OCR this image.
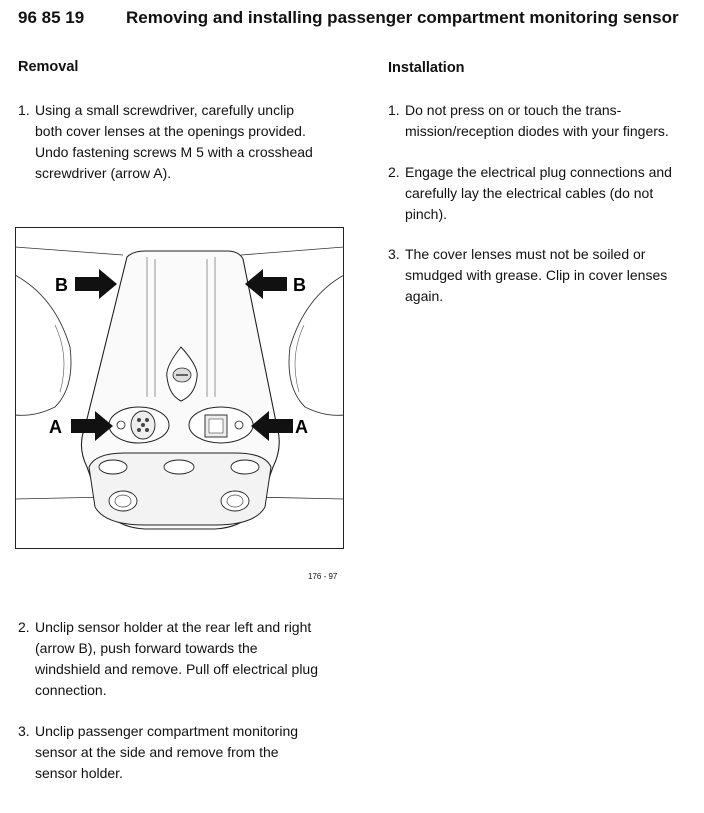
96 85 19 Removing and installing passenger compartment monitoring sensor
Removal
1. Using a small screwdriver, carefully unclip
both cover lenses at the openings provided.
Undo fastening screws M 5 with a crosshead
screwdriver (arrow A).
B	B
A	A
176 - 97
2. Unclip sensor holder at the rear left and right
(arrow B), push forward towards the
windshield and remove. Pull off electrical plug
connection.
3. Unclip passenger compartment monitoring
sensor at the side and remove from the
sensor holder.
Installation
1. Do not press on or touch the trans-
mission/reception diodes with your fingers.
2. Engage the electrical plug connections and
carefully lay the electrical cables (do not
pinch).
3. The cover lenses must not be soiled or
smudged with grease. Clip in cover lenses
again.
